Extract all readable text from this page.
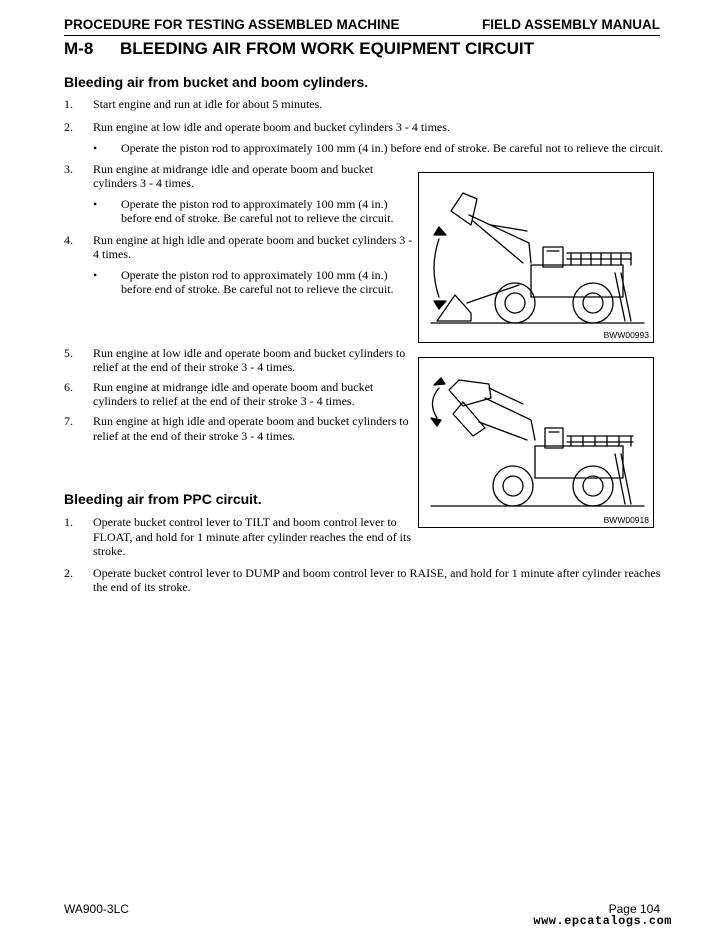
PROCEDURE FOR TESTING ASSEMBLED MACHINE	FIELD ASSEMBLY MANUAL
M-8 BLEEDING AIR FROM WORK EQUIPMENT CIRCUIT
Bleeding air from bucket and boom cylinders.
1. Start engine and run at idle for about 5 minutes.
2. Run engine at low idle and operate boom and bucket cylinders 3 - 4 times.
• Operate the piston rod to approximately 100 mm (4 in.) before end of stroke. Be careful not to relieve the circuit.
3. Run engine at midrange idle and operate boom and bucket
cylinders 3 - 4 times.
• Operate the piston rod to approximately 100 mm (4 in.)
before end of stroke. Be careful not to relieve the circuit.
4. Run engine at high idle and operate boom and bucket cylinders 3 -
4 times.
• Operate the piston rod to approximately 100 mm (4 in.)
before end of stroke. Be careful not to relieve the circuit.
5. Run engine at low idle and operate boom and bucket cylinders to
relief at the end of their stroke 3 - 4 times.
6. Run engine at midrange idle and operate boom and bucket
cylinders to relief at the end of their stroke 3 - 4 times.
7. Run engine at high idle and operate boom and bucket cylinders to
relief at the end of their stroke 3 - 4 times.
Bleeding air from PPC circuit.
1. Operate bucket control lever to TILT and boom control lever to
FLOAT, and hold for 1 minute after cylinder reaches the end of its
stroke.
2. Operate bucket control lever to DUMP and boom control lever to RAISE, and hold for 1 minute after cylinder reaches
the end of its stroke.
BWW00993
BWW00918
WA900-3LC	Page 104
www.epcatalogs.com
